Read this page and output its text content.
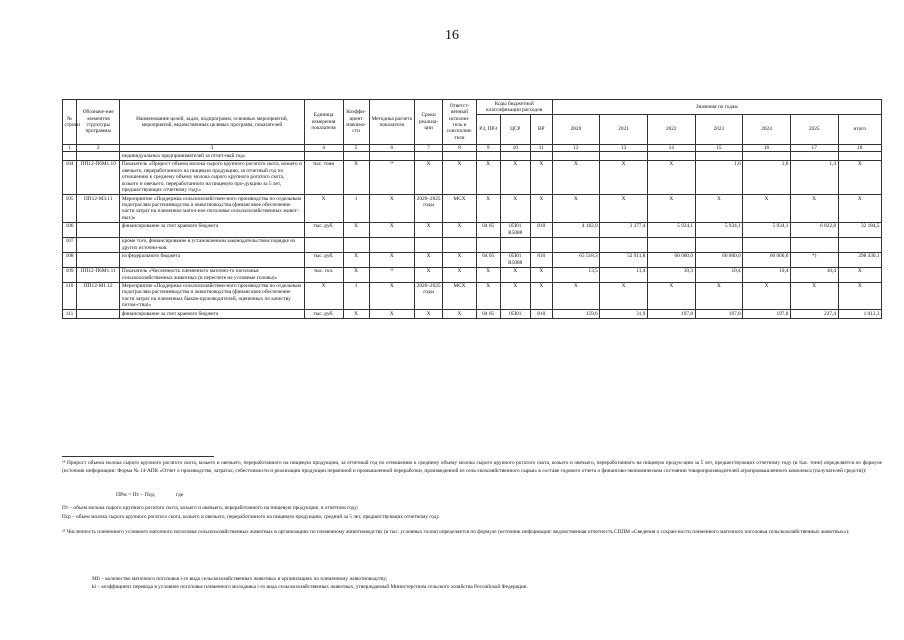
16
№ строки	Обозначе-ние элементов структуры программы	Наименование целей, задач, подпрограмм, основных мероприятий, мероприятий, ведомственных целевых программ, показателей	Единица измерения показателя	Коэффи-циент значимо-сти	Методика расчета показателя	Сроки реализа-ции	Ответст-венный исполни-тель и соисполни-тели	Коды бюджетной классификации расходов			Значения по годам						
								РЗ, ПРЗ	ЦСР	ВР	2020	2021	2022	2023	2024	2025	итого
1	2	3	4	5	6	7	8	9	10	11	12	13	14	15	16	17	18
		индивидуальных предпринимателей за отчет-ный год»															
104	ПП12-П6М1.10	Показатель «Прирост объема молока сырого крупного рогатого скота, козьего и овечьего, переработанного на пищевую продукцию, за отчетный год по отношению к среднему объему молока сырого крупного рогатого скота, козьего и овечьего, переработанного на пищевую про-дукцию за 5 лет, предшествующих отчетному году»	тыс. тонн	Х	²⁴	Х	Х	Х	Х	Х	Х	Х	Х	1,6	1,6	1,4	Х
105	ПП12-М3.11	Мероприятие «Поддержка сельскохозяйствен-ного производства по отдельным подотраслям растениеводства и животноводства (финансовое обеспечение части затрат на племенное маточ-ное поголовье сельскохозяйственных живот-ных)»	Х	1	Х	2020–2025 годы	МСХ	Х	Х	Х	Х	Х	Х	Х	Х	Х	Х
106		финансирование за счет краевого бюджета	тыс. руб.	Х	Х	Х	Х	04 05	05I01 R5088	810	4 182,0	3 377,4	5 934,1	5 934,1	5 934,1	6 822,8	32 184,5
107		кроме того, финансирование в установленном законодательством порядке из других источни-ков:															
108		из федерального бюджета	тыс. руб.	Х	Х	Х	Х	04 05	05I01 R5088	810	65 518,3	52 911,8	60 000,0	60 000,0	60 000,0	*)	298 430,1
109	ПП12-П6М1.11	Показатель «Численность племенного маточно-го поголовья сельскохозяйственных животных (в пересчете на условные головы)»	тыс. гол.	Х	²⁵	Х	Х	Х	Х	Х	13,5	11,4	10,3	10,4	10,4	10,4	Х
110	ПП12-М1.12	Мероприятие «Поддержка сельскохозяйствен-ного производства по отдельным подотраслям растениеводства и животноводства (финансовое обеспечение части затрат на племенных быков-производителей, оцененных по качеству потом-ства)»	Х	1	Х	2020–2025 годы	МСХ	Х	Х	Х	Х	Х	Х	Х	Х	Х	Х
111		финансирование за счет краевого бюджета	тыс. руб.	Х	Х	Х	Х	04 05	05I01	810	159,6	31,9	197,8	197,8	197,8	227,4	1 012,3
²⁴ Прирост объема молока сырого крупного рогатого скота, козьего и овечьего, переработанного на пищевую продукцию, за отчетный год по отношению к среднему объему молока сырого крупного рогатого скота, козьего и овечьего, переработанного на пищевую продук-цию за 5 лет, предшествующих отчетному году (в тыс. тонн) определяется по формуле (источник информации: Форма № 14-АПК «Отчет о производстве, затратах, себестоимости и реализации продукции первичной и промышленной переработки, произведенной из сель-скохозяйственного сырья» в составе годового отчета о финансово-экономическом состоянии товаропроизводителей агропромышленного комплекса (получателей средств)):
ПРм = Пт – Пср,	где
Пт – объем молока сырого крупного рогатого скота, козьего и овечьего, переработанного на пищевую продукцию, в отчетном году;
Пср – объем молока сырого крупного рогатого скота, козьего и овечьего, переработанного на пищевую продукцию, средний за 5 лет, предшествующих отчетному году.
²⁵ Численность племенного условного маточного поголовья сельскохозяйственных животных в организациях по племенному животноводству (в тыс. условных голов) определяется по формуле (источник информации: ведомственная отчетность СППМ «Сведения о сохран-ности племенного маточного поголовья сельскохозяйственных животных»):
MIi – количество маточного поголовья i-го вида сельскохозяйственных животных в организациях по племенному животноводству;
ki – коэффициент перевода в условное поголовье племенного молодняка i-го вида сельскохозяйственных животных, утверждаемый Министерством сельского хозяйства Российской Федерации.
